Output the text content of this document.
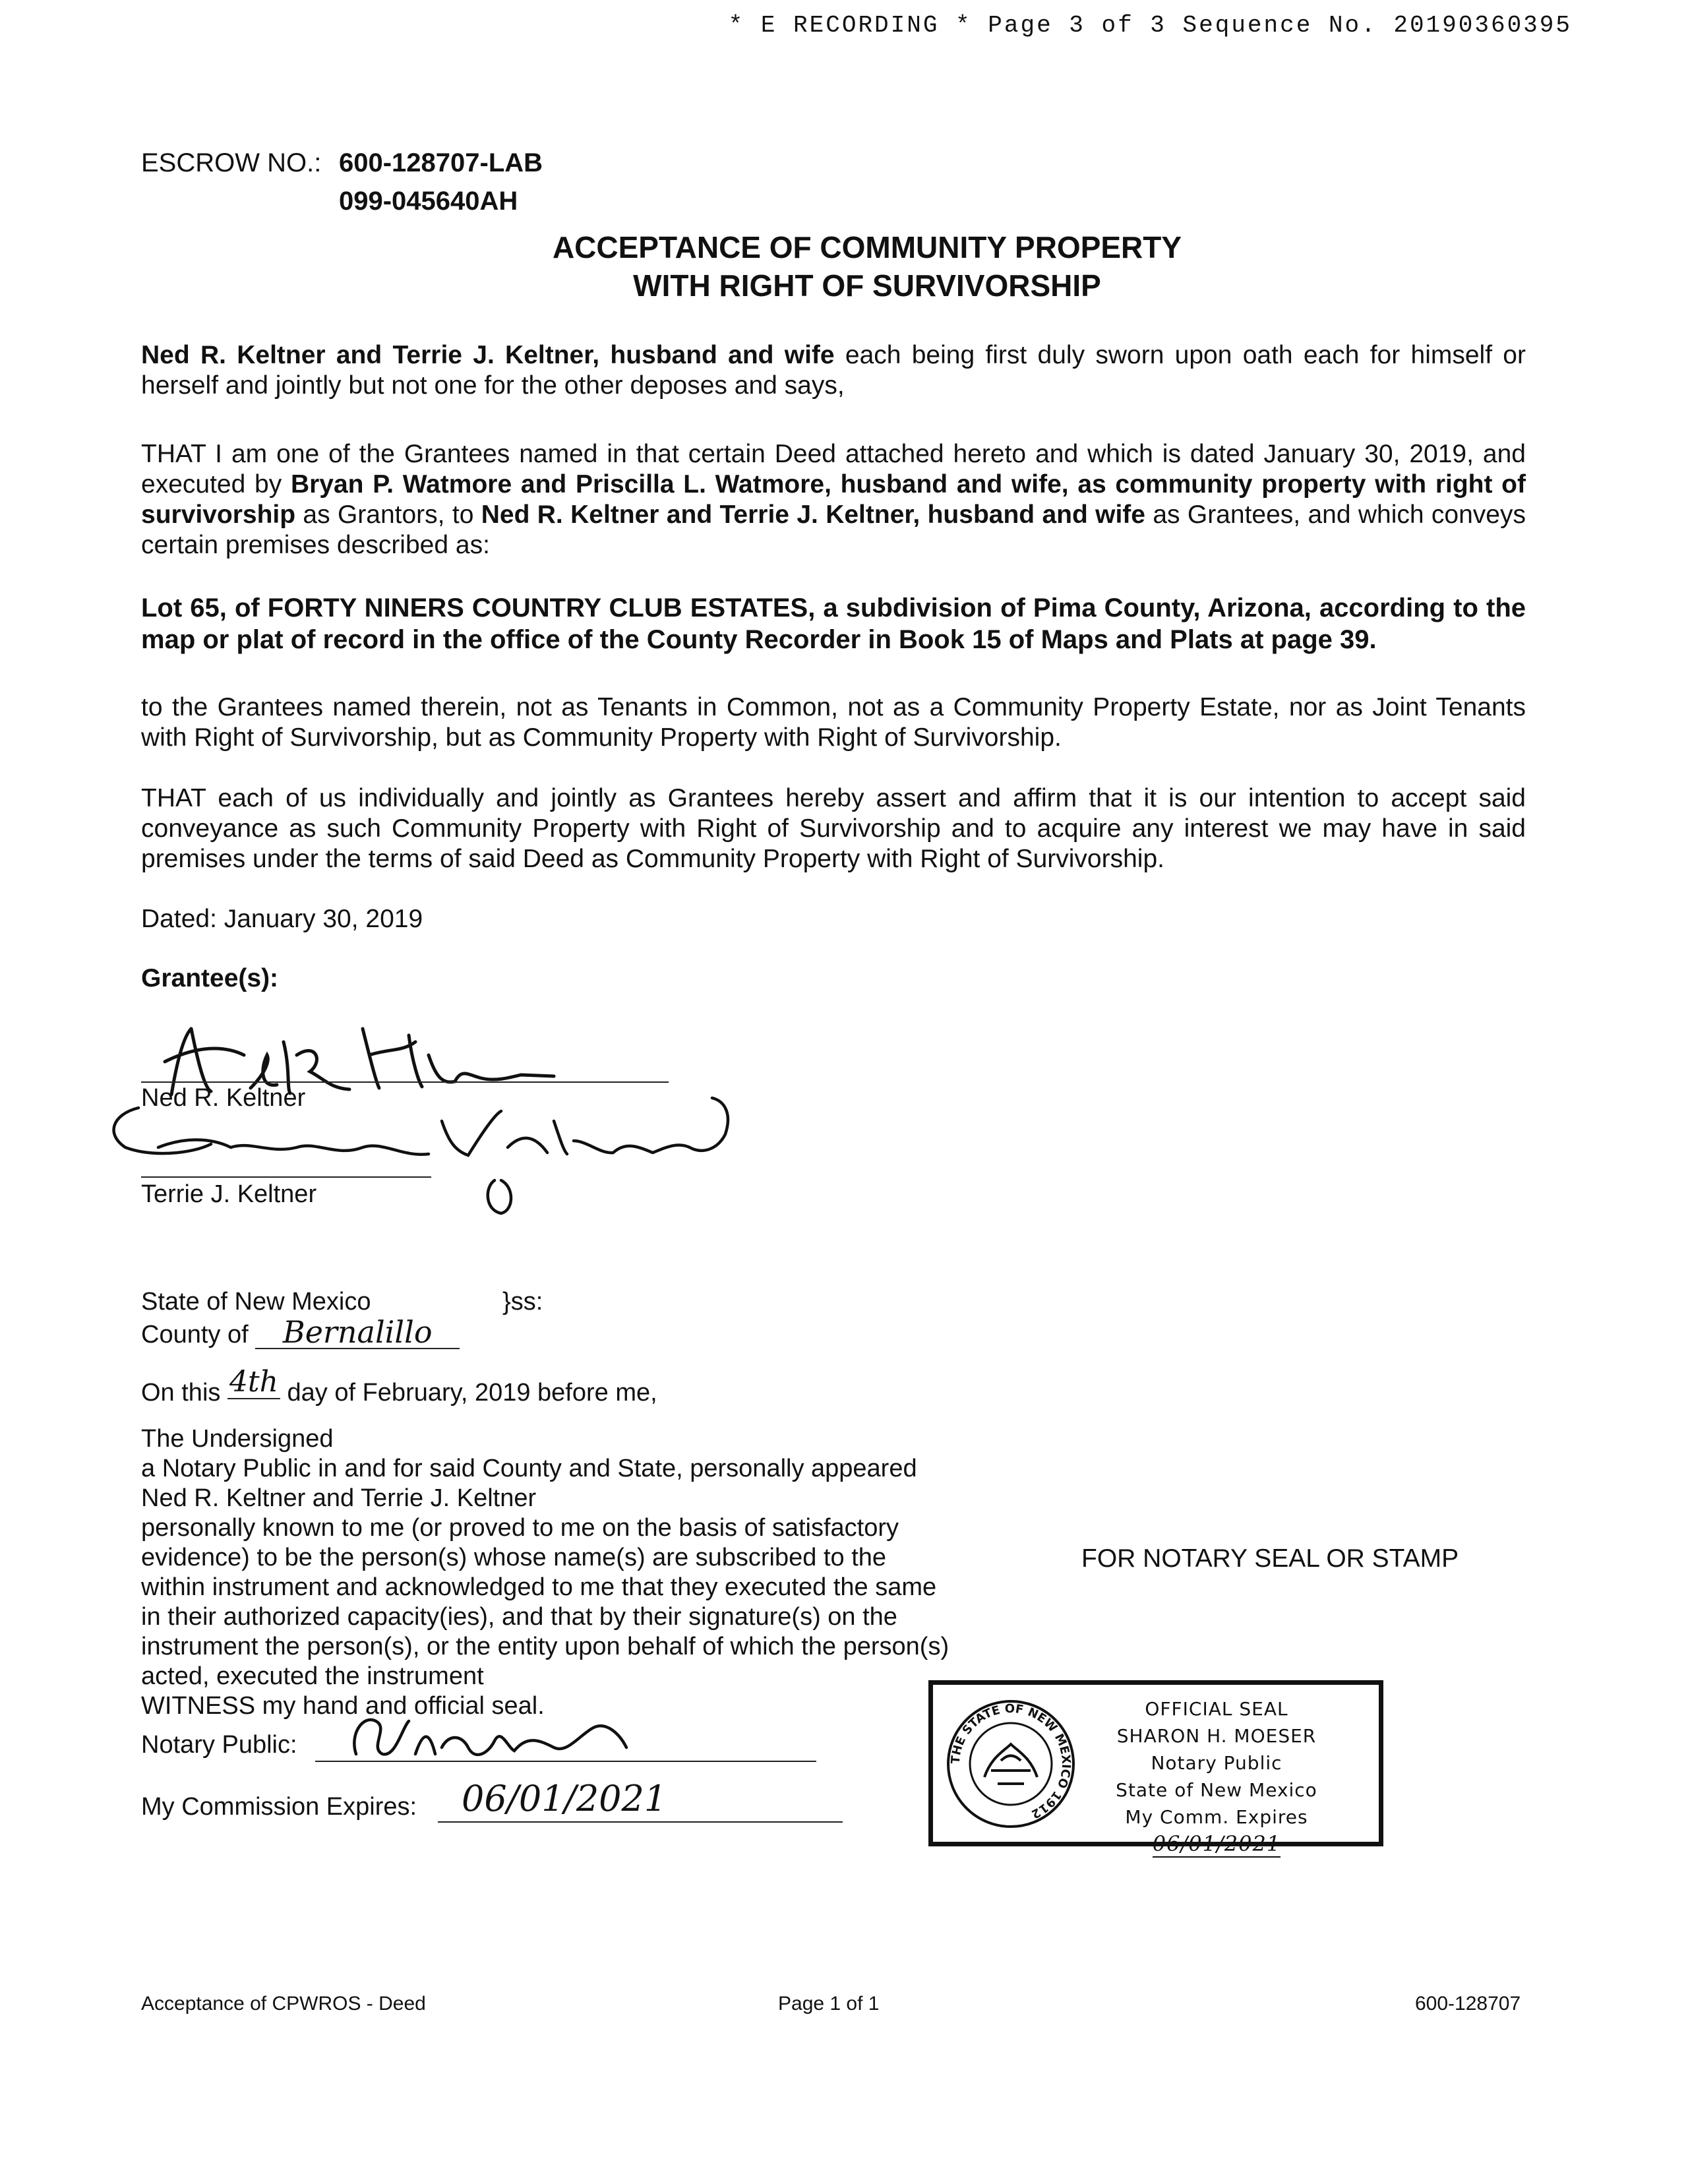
* E RECORDING * Page 3 of 3 Sequence No. 20190360395
ESCROW NO.: 600-128707-LAB
099-045640AH
ACCEPTANCE OF COMMUNITY PROPERTY
WITH RIGHT OF SURVIVORSHIP
Ned R. Keltner and Terrie J. Keltner, husband and wife each being first duly sworn upon oath each for himself or herself and jointly but not one for the other deposes and says,
THAT I am one of the Grantees named in that certain Deed attached hereto and which is dated January 30, 2019, and executed by Bryan P. Watmore and Priscilla L. Watmore, husband and wife, as community property with right of survivorship as Grantors, to Ned R. Keltner and Terrie J. Keltner, husband and wife as Grantees, and which conveys certain premises described as:
Lot 65, of FORTY NINERS COUNTRY CLUB ESTATES, a subdivision of Pima County, Arizona, according to the map or plat of record in the office of the County Recorder in Book 15 of Maps and Plats at page 39.
to the Grantees named therein, not as Tenants in Common, not as a Community Property Estate, nor as Joint Tenants with Right of Survivorship, but as Community Property with Right of Survivorship.
THAT each of us individually and jointly as Grantees hereby assert and affirm that it is our intention to accept said conveyance as such Community Property with Right of Survivorship and to acquire any interest we may have in said premises under the terms of said Deed as Community Property with Right of Survivorship.
Dated: January 30, 2019
Grantee(s):
Ned R. Keltner
Terrie J. Keltner
State of New Mexico	}ss:
County of Bernalillo
On this 4th day of February, 2019 before me,
The Undersigned
a Notary Public in and for said County and State, personally appeared
Ned R. Keltner and Terrie J. Keltner
personally known to me (or proved to me on the basis of satisfactory
evidence) to be the person(s) whose name(s) are subscribed to the
within instrument and acknowledged to me that they executed the same
in their authorized capacity(ies), and that by their signature(s) on the
instrument the person(s), or the entity upon behalf of which the person(s)
acted, executed the instrument
WITNESS my hand and official seal.
Notary Public:
My Commission Expires: 06/01/2021
FOR NOTARY SEAL OR STAMP
THE STATE OF NEW MEXICO 1912
OFFICIAL SEAL
SHARON H. MOESER
Notary Public
State of New Mexico
My Comm. Expires 06/01/2021
Acceptance of CPWROS - Deed	Page 1 of 1	600-128707
